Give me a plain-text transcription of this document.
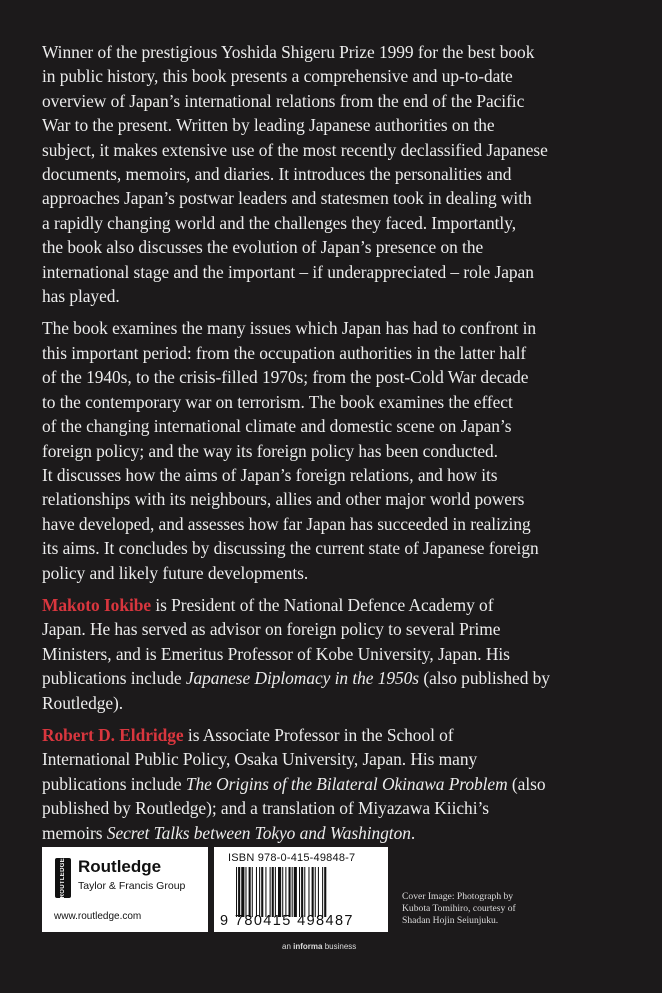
Winner of the prestigious Yoshida Shigeru Prize 1999 for the best book
in public history, this book presents a comprehensive and up-to-date
overview of Japan’s international relations from the end of the Pacific
War to the present. Written by leading Japanese authorities on the
subject, it makes extensive use of the most recently declassified Japanese
documents, memoirs, and diaries. It introduces the personalities and
approaches Japan’s postwar leaders and statesmen took in dealing with
a rapidly changing world and the challenges they faced. Importantly,
the book also discusses the evolution of Japan’s presence on the
international stage and the important – if underappreciated – role Japan
has played.

The book examines the many issues which Japan has had to confront in
this important period: from the occupation authorities in the latter half
of the 1940s, to the crisis-filled 1970s; from the post-Cold War decade
to the contemporary war on terrorism. The book examines the effect
of the changing international climate and domestic scene on Japan’s
foreign policy; and the way its foreign policy has been conducted.
It discusses how the aims of Japan’s foreign relations, and how its
relationships with its neighbours, allies and other major world powers
have developed, and assesses how far Japan has succeeded in realizing
its aims. It concludes by discussing the current state of Japanese foreign
policy and likely future developments.

Makoto Iokibe is President of the National Defence Academy of
Japan. He has served as advisor on foreign policy to several Prime
Ministers, and is Emeritus Professor of Kobe University, Japan. His
publications include Japanese Diplomacy in the 1950s (also published by
Routledge).

Robert D. Eldridge is Associate Professor in the School of
International Public Policy, Osaka University, Japan. His many
publications include The Origins of the Bilateral Okinawa Problem (also
published by Routledge); and a translation of Miyazawa Kiichi’s
memoirs Secret Talks between Tokyo and Washington.

ROUTLEDGE Routledge
Taylor & Francis Group
www.routledge.com
ISBN 978-0-415-49848-7
9 780415 498487
Cover Image: Photograph by
Kubota Tomihiro, courtesy of
Shadan Hojin Seiunjuku.
an informa business
